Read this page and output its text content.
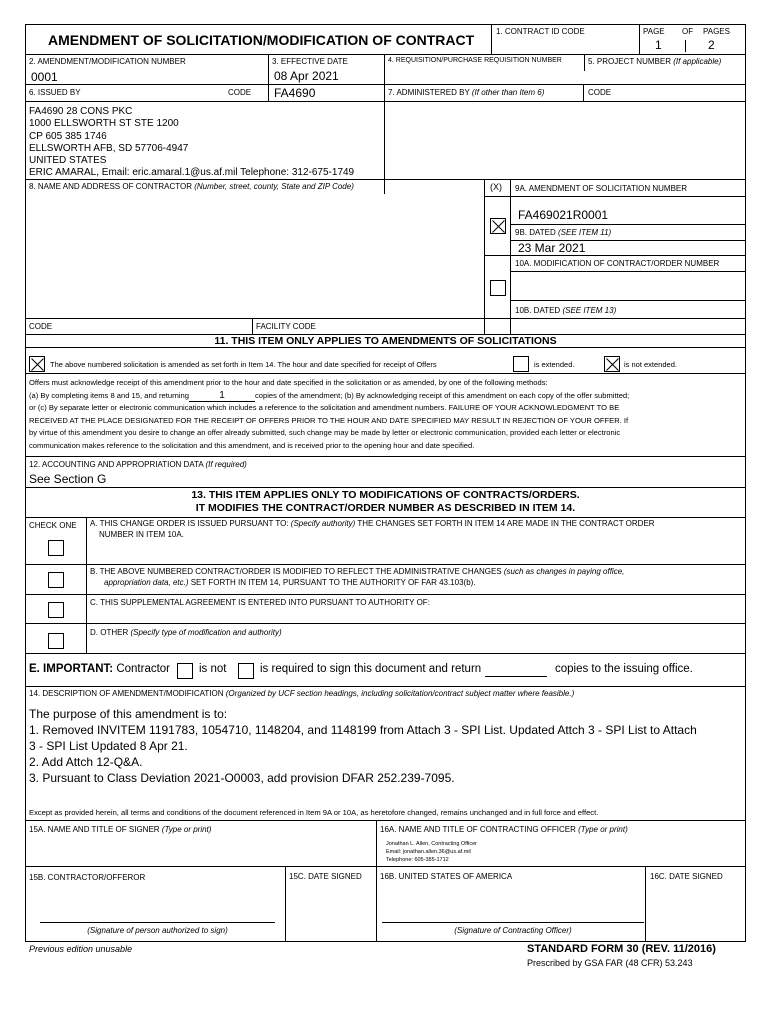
AMENDMENT OF SOLICITATION/MODIFICATION OF CONTRACT
1. CONTRACT ID CODE	PAGE OF PAGES
1	2
2. AMENDMENT/MODIFICATION NUMBER
0001
3. EFFECTIVE DATE
08 Apr 2021
4. REQUISITION/PURCHASE REQUISITION NUMBER	5. PROJECT NUMBER (If applicable)
6. ISSUED BY	CODE FA4690	7. ADMINISTERED BY (If other than Item 6)	CODE
FA4690 28 CONS PKC
1000 ELLSWORTH ST STE 1200
CP 605 385 1746
ELLSWORTH AFB, SD 57706-4947
UNITED STATES
ERIC AMARAL, Email: eric.amaral.1@us.af.mil Telephone: 312-675-1749
8. NAME AND ADDRESS OF CONTRACTOR (Number, street, county, State and ZIP Code)	(X) 9A. AMENDMENT OF SOLICITATION NUMBER
FA469021R0001
9B. DATED (SEE ITEM 11)
23 Mar 2021
10A. MODIFICATION OF CONTRACT/ORDER NUMBER
10B. DATED (SEE ITEM 13)
CODE	FACILITY CODE
11. THIS ITEM ONLY APPLIES TO AMENDMENTS OF SOLICITATIONS
The above numbered solicitation is amended as set forth in Item 14. The hour and date specified for receipt of Offers	is extended.	is not extended.
Offers must acknowledge receipt of this amendment prior to the hour and date specified in the solicitation or as amended, by one of the following methods:
(a) By completing items 8 and 15, and returning	1	copies of the amendment; (b) By acknowledging receipt of this amendment on each copy of the offer submitted;
or (c) By separate letter or electronic communication which includes a reference to the solicitation and amendment numbers. FAILURE OF YOUR ACKNOWLEDGMENT TO BE
RECEIVED AT THE PLACE DESIGNATED FOR THE RECEIPT OF OFFERS PRIOR TO THE HOUR AND DATE SPECIFIED MAY RESULT IN REJECTION OF YOUR OFFER. If
by virtue of this amendment you desire to change an offer already submitted, such change may be made by letter or electronic communication, provided each letter or electronic
communication makes reference to the solicitation and this amendment, and is received prior to the opening hour and date specified.
12. ACCOUNTING AND APPROPRIATION DATA (If required)
See Section G
13. THIS ITEM APPLIES ONLY TO MODIFICATIONS OF CONTRACTS/ORDERS.
IT MODIFIES THE CONTRACT/ORDER NUMBER AS DESCRIBED IN ITEM 14.
CHECK ONE A. THIS CHANGE ORDER IS ISSUED PURSUANT TO: (Specify authority) THE CHANGES SET FORTH IN ITEM 14 ARE MADE IN THE CONTRACT ORDER
NUMBER IN ITEM 10A.
B. THE ABOVE NUMBERED CONTRACT/ORDER IS MODIFIED TO REFLECT THE ADMINISTRATIVE CHANGES (such as changes in paying office,
appropriation data, etc.) SET FORTH IN ITEM 14, PURSUANT TO THE AUTHORITY OF FAR 43.103(b).
C. THIS SUPPLEMENTAL AGREEMENT IS ENTERED INTO PURSUANT TO AUTHORITY OF:
D. OTHER (Specify type of modification and authority)
E. IMPORTANT: Contractor	is not	is required to sign this document and return	copies to the issuing office.
14. DESCRIPTION OF AMENDMENT/MODIFICATION (Organized by UCF section headings, including solicitation/contract subject matter where feasible.)
The purpose of this amendment is to:
1. Removed INVITEM 1191783, 1054710, 1148204, and 1148199 from Attach 3 - SPI List. Updated Attch 3 - SPI List to Attach
3 - SPI List Updated 8 Apr 21.
2. Add Attch 12-Q&A.
3. Pursuant to Class Deviation 2021-O0003, add provision DFAR 252.239-7095.
Except as provided herein, all terms and conditions of the document referenced in Item 9A or 10A, as heretofore changed, remains unchanged and in full force and effect.
15A. NAME AND TITLE OF SIGNER (Type or print)	16A. NAME AND TITLE OF CONTRACTING OFFICER (Type or print)
Jonathan L. Allen, Contracting Officer
Email: jonathan.allen.36@us.af.mil
Telephone: 605-385-1712
15B. CONTRACTOR/OFFEROR	15C. DATE SIGNED 16B. UNITED STATES OF AMERICA	16C. DATE SIGNED
(Signature of person authorized to sign)	(Signature of Contracting Officer)
Previous edition unusable	STANDARD FORM 30 (REV. 11/2016)
Prescribed by GSA FAR (48 CFR) 53.243
